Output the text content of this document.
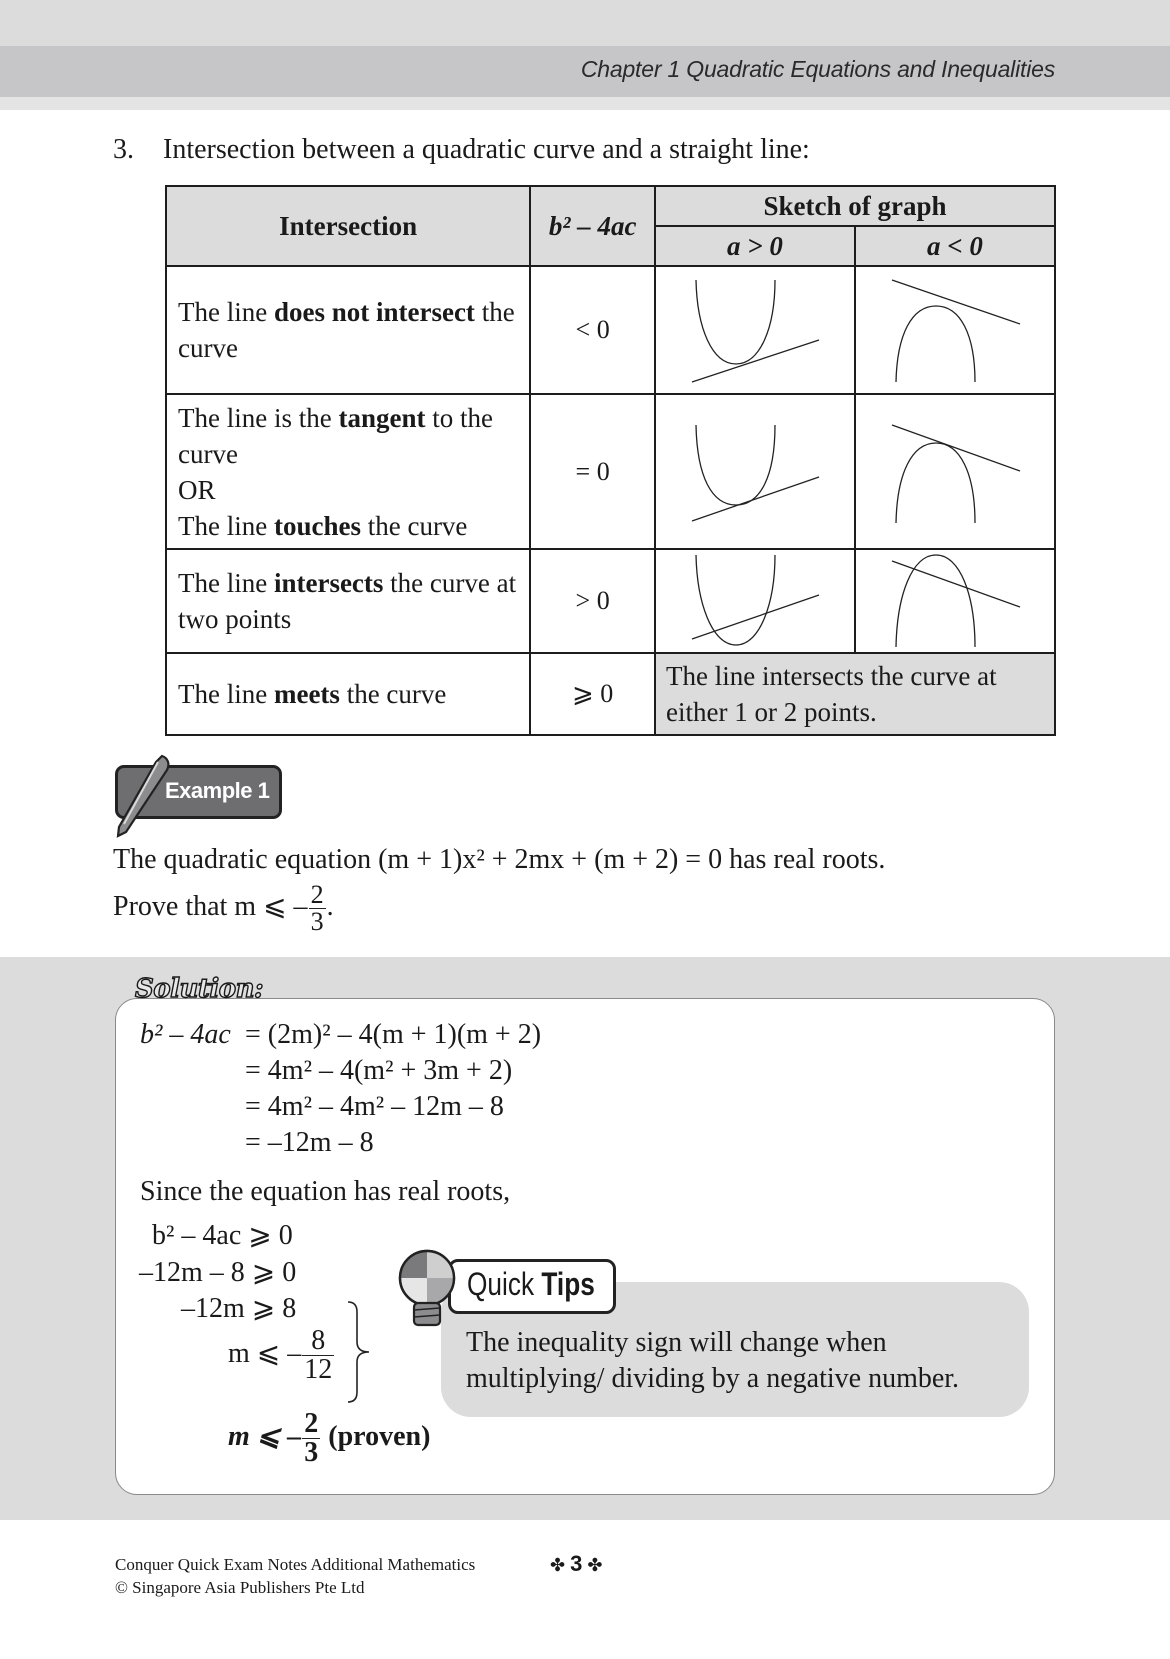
Chapter 1 Quadratic Equations and Inequalities
3. Intersection between a quadratic curve and a straight line:
Intersection	b² – 4ac	Sketch of graph	
		a > 0	a < 0
The line does not intersect the curve	< 0	

The line is the tangent to the curve
OR
The line touches the curve	= 0	

The line intersects the curve at two points	> 0	

The line meets the curve	⩾ 0	The line intersects the curve at either 1 or 2 points.	
Example 1
The quadratic equation (m + 1)x² + 2mx + (m + 2) = 0 has real roots.
Prove that m ⩽ – $\frac{2}{3}$ .
Solution:
b² – 4ac = (2m)² – 4(m + 1)(m + 2)
= 4m² – 4(m² + 3m + 2)
= 4m² – 4m² – 12m – 8
= –12m – 8
Since the equation has real roots,
b² – 4ac ⩾ 0
–12m – 8 ⩾ 0
–12m ⩾ 8
m ⩽ – $\frac{8}{12}$
m ⩽ – $\frac{2}{3}$ (proven)
The inequality sign will change when
multiplying/ dividing by a negative number.
Quick Tips
Conquer Quick Exam Notes Additional Mathematics
© Singapore Asia Publishers Pte Ltd
✤ 3 ✤
